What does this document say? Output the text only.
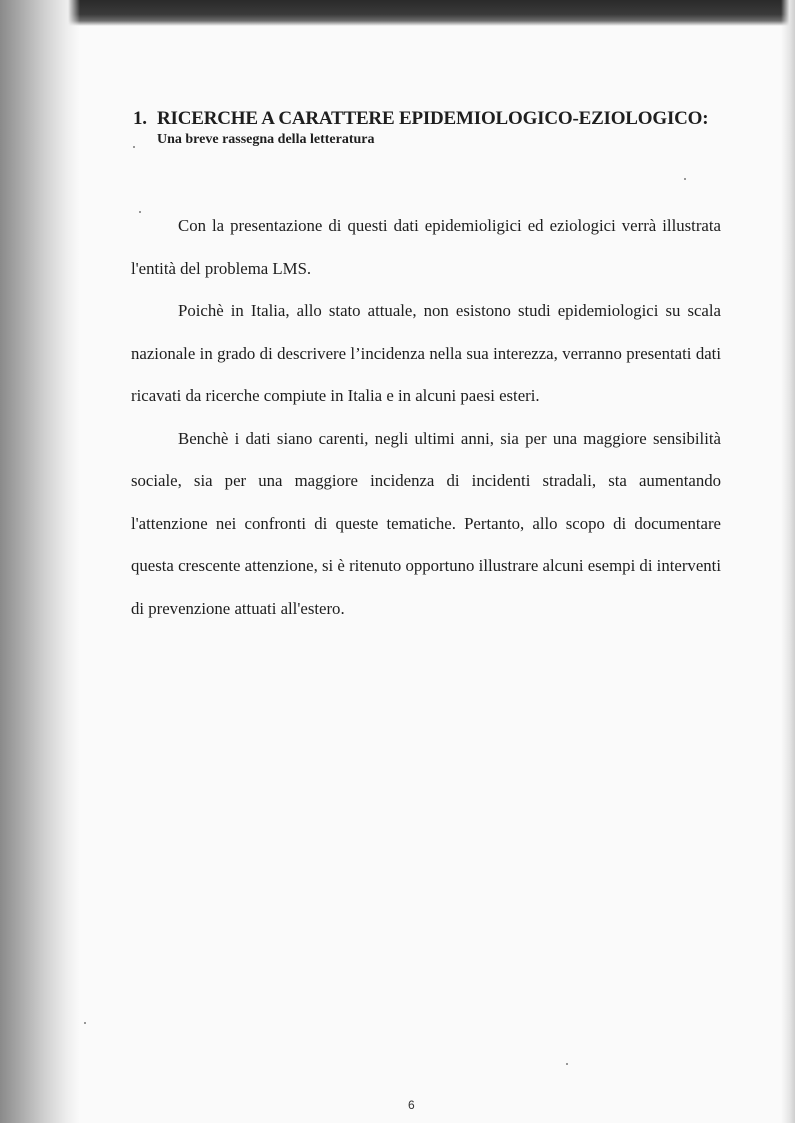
1. RICERCHE A CARATTERE EPIDEMIOLOGICO-EZIOLOGICO:
Una breve rassegna della letteratura

Con la presentazione di questi dati epidemioligici ed eziologici verrà illustrata l'entità del problema LMS.

Poichè in Italia, allo stato attuale, non esistono studi epidemiologici su scala nazionale in grado di descrivere l’incidenza nella sua interezza, verranno presentati dati ricavati da ricerche compiute in Italia e in alcuni paesi esteri.

Benchè i dati siano carenti, negli ultimi anni, sia per una maggiore sensibilità sociale, sia per una maggiore incidenza di incidenti stradali, sta aumentando l'attenzione nei confronti di queste tematiche. Pertanto, allo scopo di documentare questa crescente attenzione, si è ritenuto opportuno illustrare alcuni esempi di interventi di prevenzione attuati all'estero.

6
